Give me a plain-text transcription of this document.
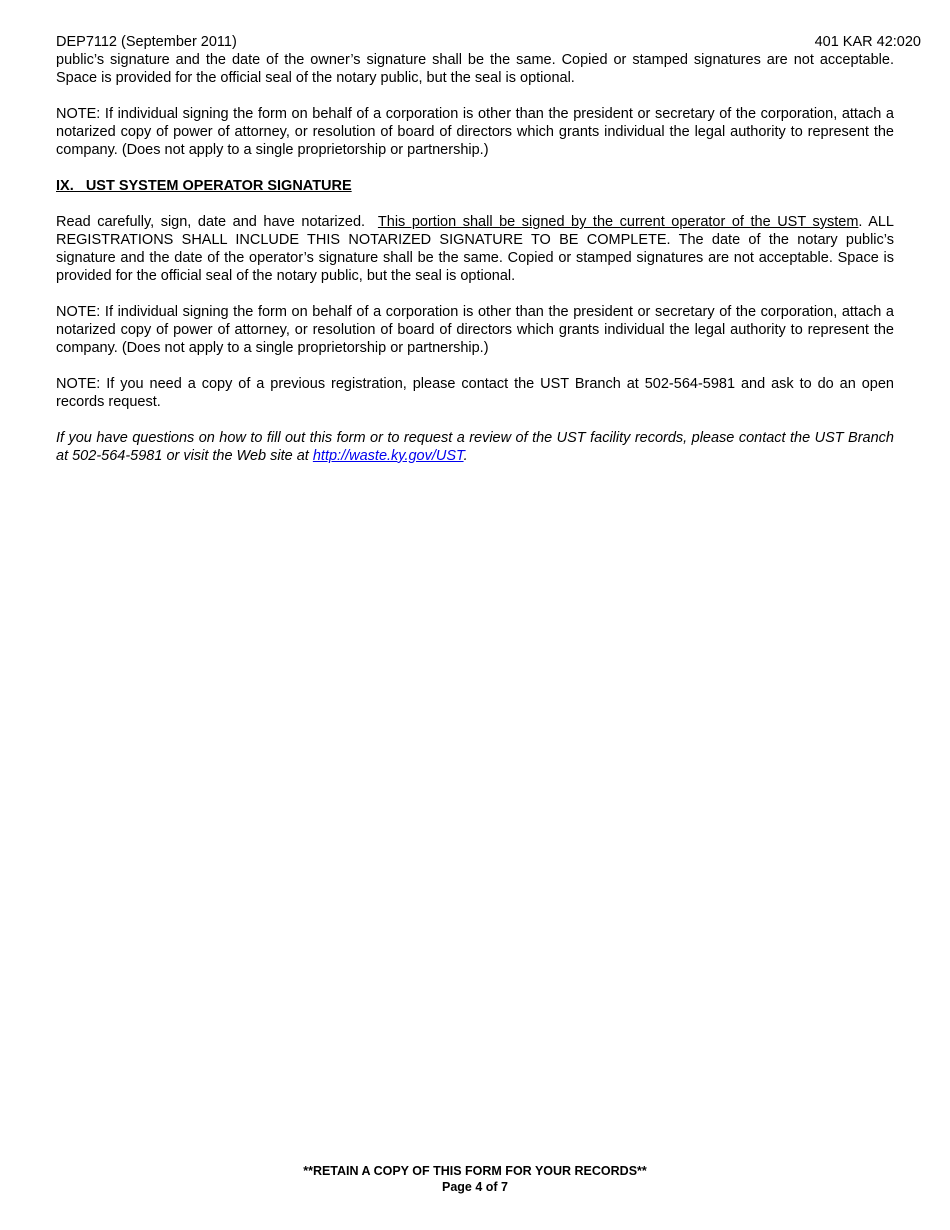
DEP7112 (September 2011)	401 KAR 42:020

public’s signature and the date of the owner’s signature shall be the same. Copied or stamped signatures are not acceptable. Space is provided for the official seal of the notary public, but the seal is optional.

NOTE: If individual signing the form on behalf of a corporation is other than the president or secretary of the corporation, attach a notarized copy of power of attorney, or resolution of board of directors which grants individual the legal authority to represent the company. (Does not apply to a single proprietorship or partnership.)

IX.   UST SYSTEM OPERATOR SIGNATURE

Read carefully, sign, date and have notarized.  This portion shall be signed by the current operator of the UST system. ALL REGISTRATIONS SHALL INCLUDE THIS NOTARIZED SIGNATURE TO BE COMPLETE. The date of the notary public’s signature and the date of the operator’s signature shall be the same. Copied or stamped signatures are not acceptable. Space is provided for the official seal of the notary public, but the seal is optional.

NOTE: If individual signing the form on behalf of a corporation is other than the president or secretary of the corporation, attach a notarized copy of power of attorney, or resolution of board of directors which grants individual the legal authority to represent the company. (Does not apply to a single proprietorship or partnership.)

NOTE: If you need a copy of a previous registration, please contact the UST Branch at 502-564-5981 and ask to do an open records request.

If you have questions on how to fill out this form or to request a review of the UST facility records, please contact the UST Branch at 502-564-5981 or visit the Web site at http://waste.ky.gov/UST.

**RETAIN A COPY OF THIS FORM FOR YOUR RECORDS**
Page 4 of 7
